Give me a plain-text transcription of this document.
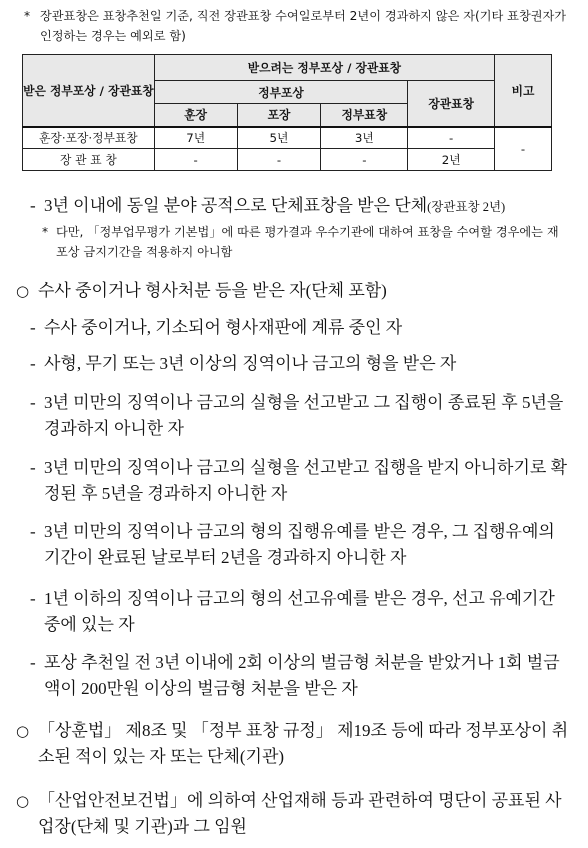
* 장관표창은 표창추천일 기준, 직전 장관표창 수여일로부터 2년이 경과하지 않은 자(기타 표창권자가 인정하는 경우는 예외로 함)
받은 정부포상 / 장관표창	받으려는 정부포상 / 장관표창				비고
	정부포상			장관표창	
	훈장	포장	정부표창		
훈장·포장·정부표창	7년	5년	3년	-	-
장 관 표 창	-	-	-	2년	
- 3년 이내에 동일 분야 공적으로 단체표창을 받은 단체(장관표창 2년)
* 다만, 「정부업무평가 기본법」에 따른 평가결과 우수기관에 대하여 표창을 수여할 경우에는 재포상 금지기간을 적용하지 아니함
○ 수사 중이거나 형사처분 등을 받은 자(단체 포함)
- 수사 중이거나, 기소되어 형사재판에 계류 중인 자
- 사형, 무기 또는 3년 이상의 징역이나 금고의 형을 받은 자
- 3년 미만의 징역이나 금고의 실형을 선고받고 그 집행이 종료된 후 5년을 경과하지 아니한 자
- 3년 미만의 징역이나 금고의 실형을 선고받고 집행을 받지 아니하기로 확정된 후 5년을 경과하지 아니한 자
- 3년 미만의 징역이나 금고의 형의 집행유예를 받은 경우, 그 집행유예의 기간이 완료된 날로부터 2년을 경과하지 아니한 자
- 1년 이하의 징역이나 금고의 형의 선고유예를 받은 경우, 선고 유예기간 중에 있는 자
- 포상 추천일 전 3년 이내에 2회 이상의 벌금형 처분을 받았거나 1회 벌금액이 200만원 이상의 벌금형 처분을 받은 자
○ 「상훈법」 제8조 및 「정부 표창 규정」 제19조 등에 따라 정부포상이 취소된 적이 있는 자 또는 단체(기관)
○ 「산업안전보건법」에 의하여 산업재해 등과 관련하여 명단이 공표된 사업장(단체 및 기관)과 그 임원
